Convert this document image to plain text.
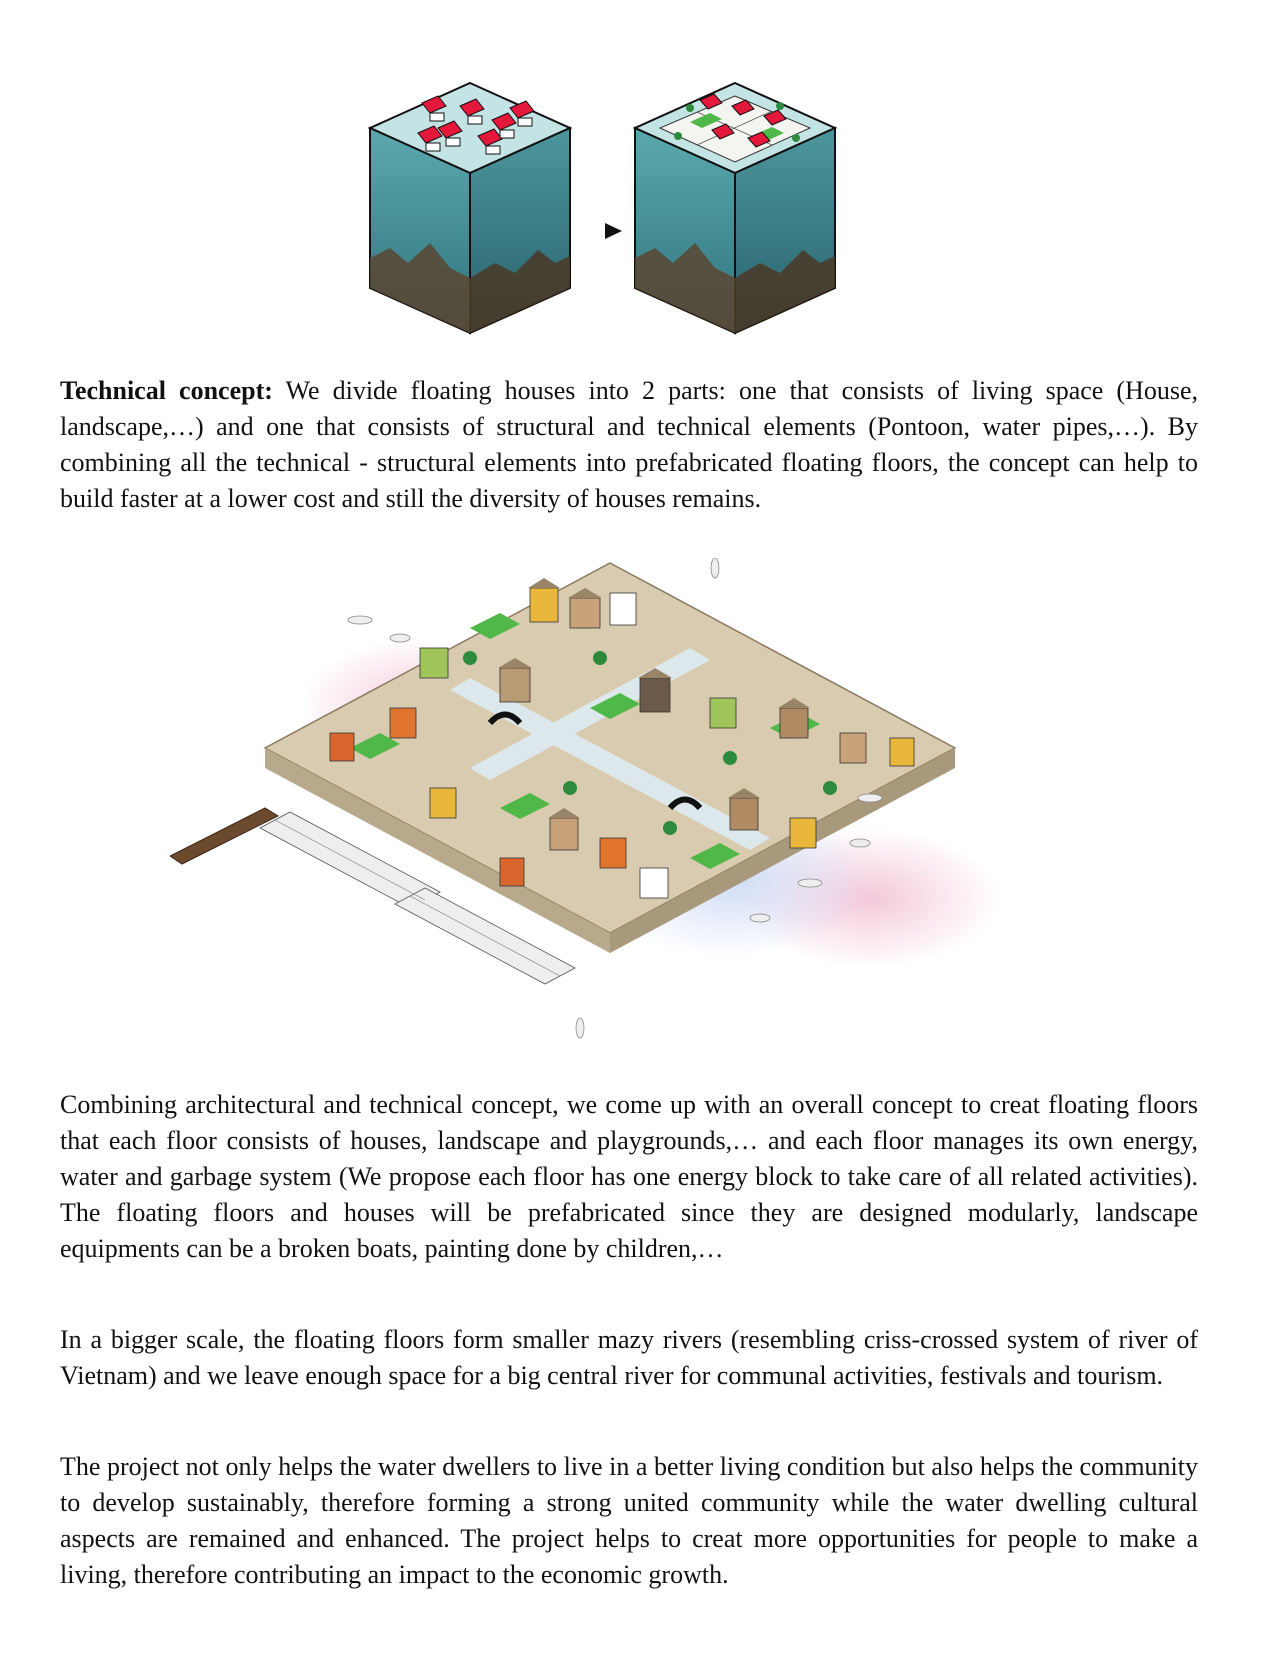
Technical concept: We divide floating houses into 2 parts: one that consists of living space (House, landscape,…) and one that consists of structural and technical elements (Pontoon, water pipes,…). By combining all the technical - structural elements into prefabricated floating floors, the concept can help to build faster at a lower cost and still the diversity of houses remains.

Combining architectural and technical concept, we come up with an overall concept to creat floating floors that each floor consists of houses, landscape and playgrounds,… and each floor manages its own energy, water and garbage system (We propose each floor has one energy block to take care of all related activities). The floating floors and houses will be prefabricated since they are designed modularly, landscape equipments can be a broken boats, painting done by children,…

In a bigger scale, the floating floors form smaller mazy rivers (resembling criss-crossed system of river of Vietnam) and we leave enough space for a big central river for communal activities, festivals and tourism.

The project not only helps the water dwellers to live in a better living condition but also helps the community to develop sustainably, therefore forming a strong united community while the water dwelling cultural aspects are remained and enhanced. The project helps to creat more opportunities for people to make a living, therefore contributing an impact to the economic growth.
